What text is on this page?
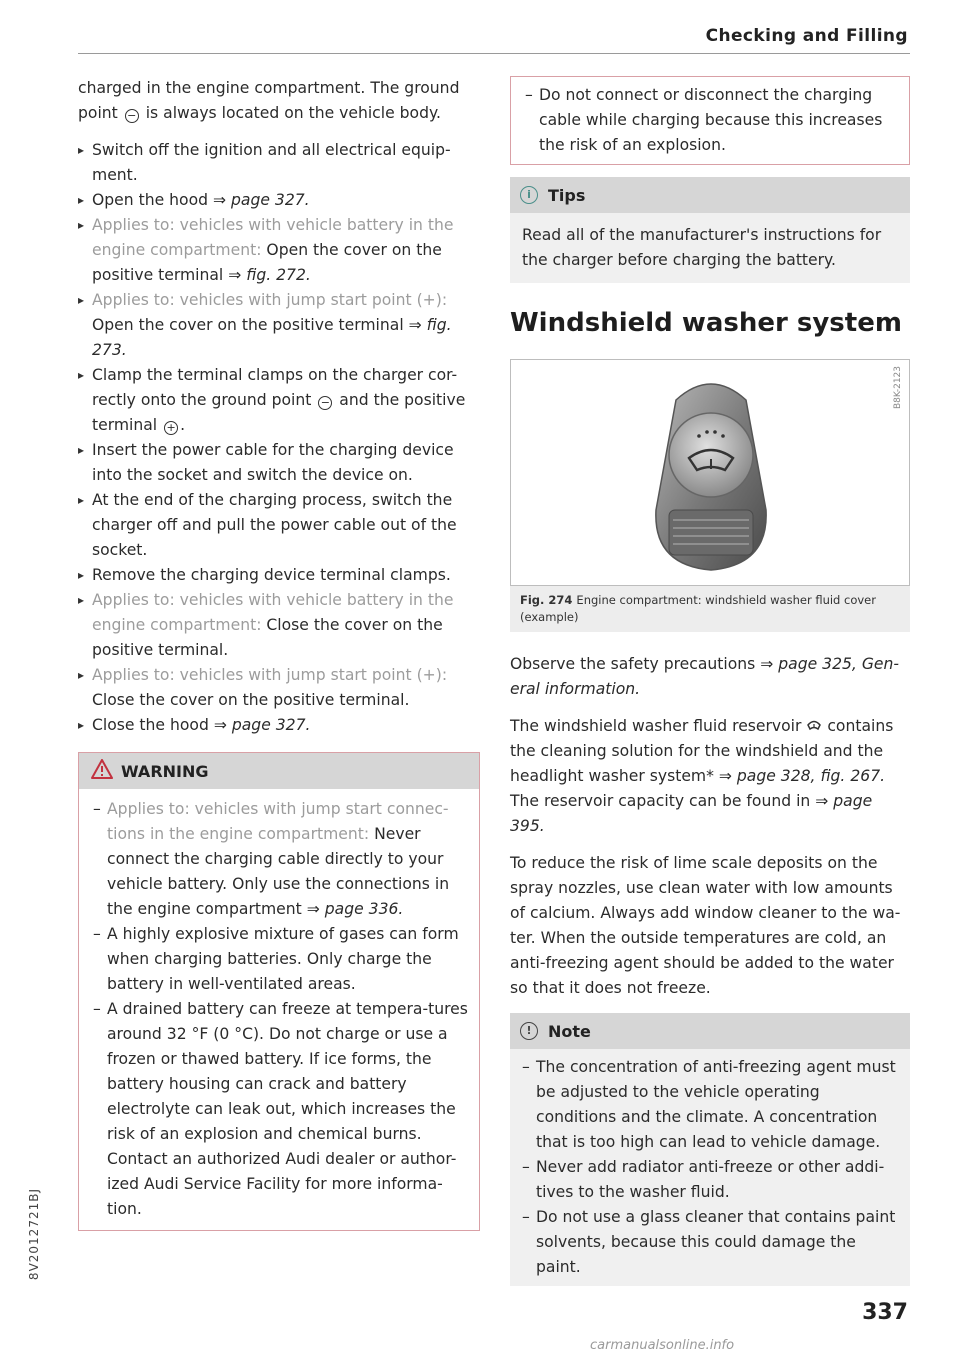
Checking and Filling

charged in the engine compartment. The ground point − is always located on the vehicle body.

▸ Switch off the ignition and all electrical equip-ment.
▸ Open the hood ⇒ page 327.
▸ Applies to: vehicles with vehicle battery in the engine compartment: Open the cover on the positive terminal ⇒ fig. 272.
▸ Applies to: vehicles with jump start point (+): Open the cover on the positive terminal ⇒ fig. 273.
▸ Clamp the terminal clamps on the charger cor-rectly onto the ground point − and the positive terminal + .
▸ Insert the power cable for the charging device into the socket and switch the device on.
▸ At the end of the charging process, switch the charger off and pull the power cable out of the socket.
▸ Remove the charging device terminal clamps.
▸ Applies to: vehicles with vehicle battery in the engine compartment: Close the cover on the positive terminal.
▸ Applies to: vehicles with jump start point (+): Close the cover on the positive terminal.
▸ Close the hood ⇒ page 327.
WARNING
– Applies to: vehicles with jump start connec-tions in the engine compartment: Never connect the charging cable directly to your vehicle battery. Only use the connections in the engine compartment ⇒ page 336.
– A highly explosive mixture of gases can form when charging batteries. Only charge the battery in well-ventilated areas.
– A drained battery can freeze at tempera-tures around 32 °F (0 °C). Do not charge or use a frozen or thawed battery. If ice forms, the battery housing can crack and battery electrolyte can leak out, which increases the risk of an explosion and chemical burns. Contact an authorized Audi dealer or author-ized Audi Service Facility for more informa-tion.
– Do not connect or disconnect the charging cable while charging because this increases the risk of an explosion.
i	Tips

Read all of the manufacturer's instructions for the charger before charging the battery.

Windshield washer system
B8K-2123
Fig. 274 Engine compartment: windshield washer fluid cover (example)

Observe the safety precautions ⇒ page 325, Gen-eral information.

The windshield washer fluid reservoir  contains the cleaning solution for the windshield and the headlight washer system* ⇒ page 328, fig. 267. The reservoir capacity can be found in ⇒ page 395.

To reduce the risk of lime scale deposits on the spray nozzles, use clean water with low amounts of calcium. Always add window cleaner to the wa-ter. When the outside temperatures are cold, an anti-freezing agent should be added to the water so that it does not freeze.

!	Note
– The concentration of anti-freezing agent must be adjusted to the vehicle operating conditions and the climate. A concentration that is too high can lead to vehicle damage.
– Never add radiator anti-freeze or other addi-tives to the washer fluid.
– Do not use a glass cleaner that contains paint solvents, because this could damage the paint.
337
8V2012721BJ
carmanualsonline.info
